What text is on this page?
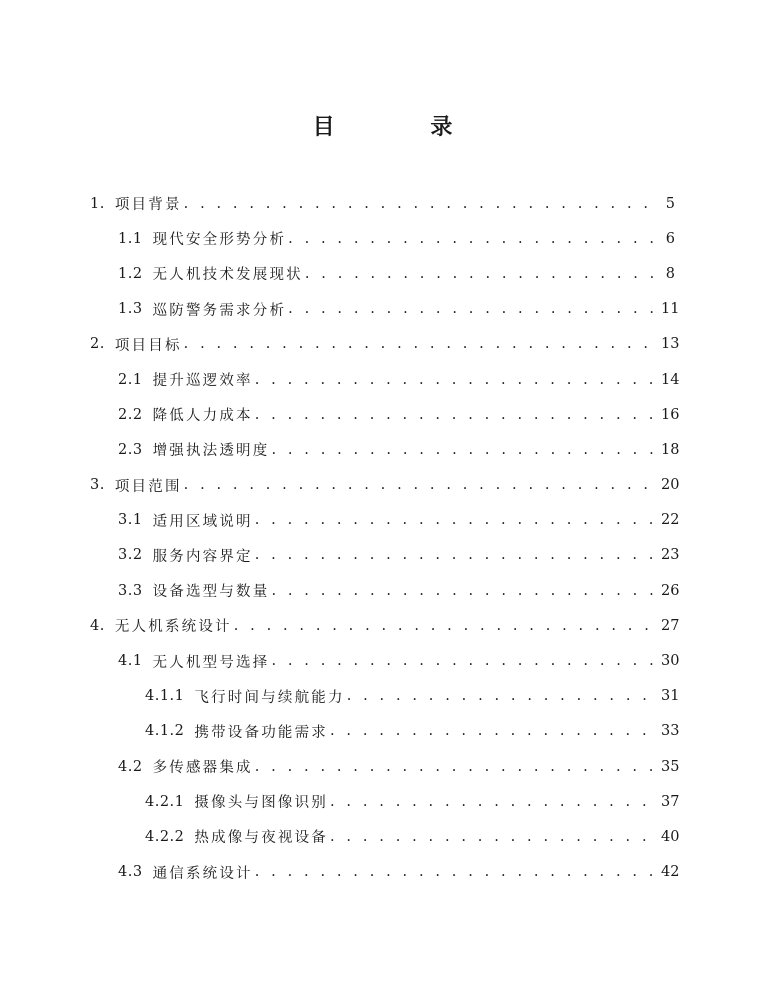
目 录
1. 项目背景 . . .	5
1.1 现代安全形势分析 . . .	6
1.2 无人机技术发展现状 . . .	8
1.3 巡防警务需求分析 . . .	11
2. 项目目标 . . .	13
2.1 提升巡逻效率 . . .	14
2.2 降低人力成本 . . .	16
2.3 增强执法透明度 . . .	18
3. 项目范围 . . .	20
3.1 适用区域说明 . . .	22
3.2 服务内容界定 . . .	23
3.3 设备选型与数量 . . .	26
4. 无人机系统设计 . . .	27
4.1 无人机型号选择 . . .	30
4.1.1 飞行时间与续航能力 . . .	31
4.1.2 携带设备功能需求 . . .	33
4.2 多传感器集成 . . .	35
4.2.1 摄像头与图像识别 . . .	37
4.2.2 热成像与夜视设备 . . .	40
4.3 通信系统设计 . . .	42
